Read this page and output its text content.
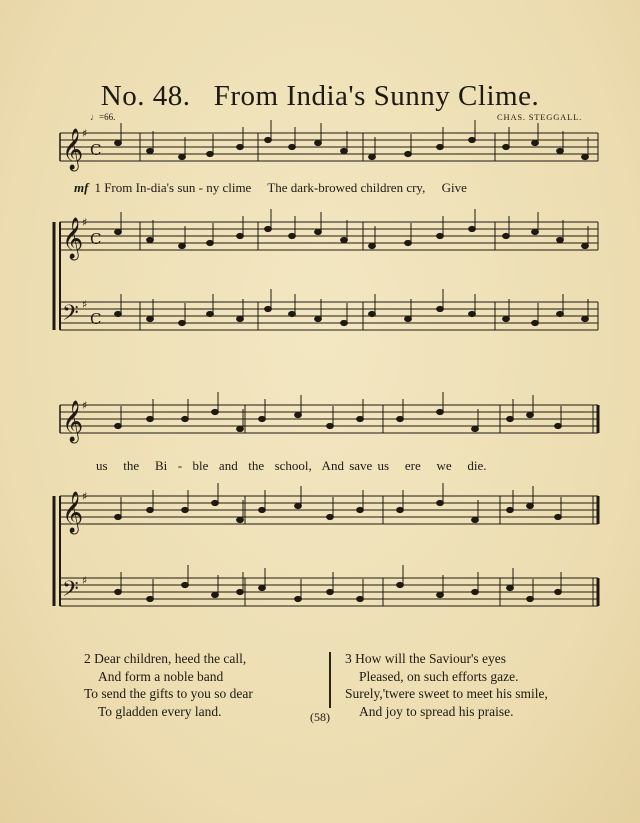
No. 48. From India's Sunny Clime.
♩=66.	CHAS. STEGGALL.
𝄞
♯
C
𝄞
♯
C
𝄢 ♯
C
𝄞
♯
𝄞
♯
𝄢 ♯
mf 1 From In-dia's sun - ny clime     The dark-browed children cry,     Give
us   the   Bi  -  ble  and  the  school,  And save us   ere   we   die.
2 Dear children, heed the call,
And form a noble band
To send the gifts to you so dear
To gladden every land.
3 How will the Saviour's eyes
Pleased, on such efforts gaze.
Surely,'twere sweet to meet his smile,
And joy to spread his praise.
(58)
